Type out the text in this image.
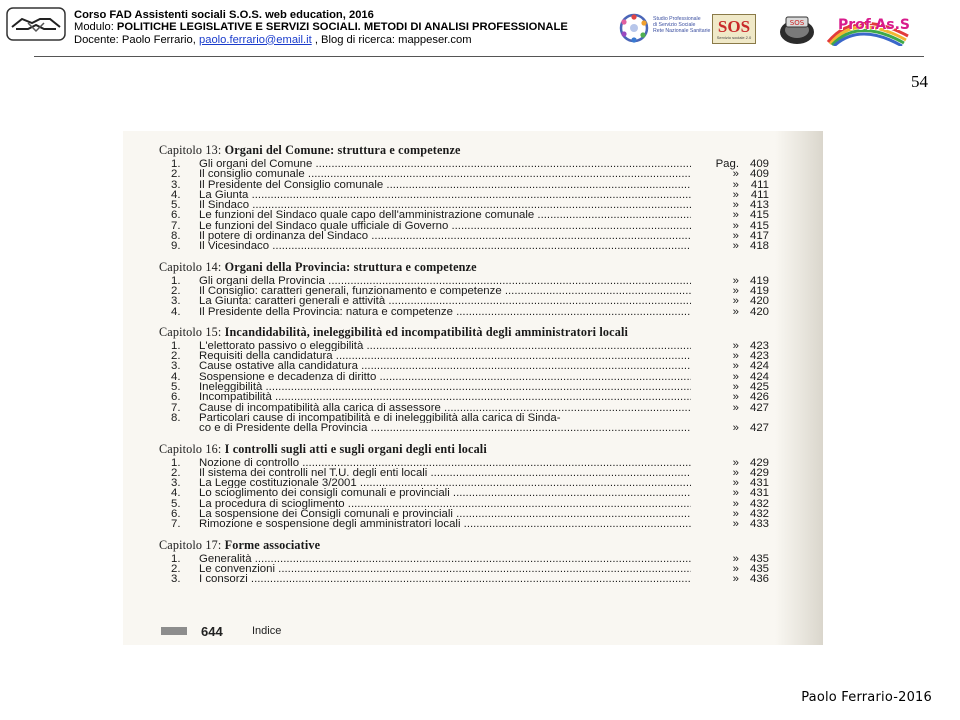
Corso FAD Assistenti sociali S.O.S. web education, 2016
Modulo: POLITICHE LEGISLATIVE E SERVIZI SOCIALI. METODI DI ANALISI PROFESSIONALE
Docente: Paolo Ferrario, paolo.ferrario@email.it , Blog di ricerca: mappeser.com
Studio Professionale
di Servizio Sociale
Rete Nazionale Sanitarie SOS
Servizio sociale 2.0
SOS Prof.As.S
54
Capitolo 13: Organi del Comune: struttura e competenze
1.	Gli organi del Comune .....	Pag. 409
2.	Il consiglio comunale .....	» 409
3.	Il Presidente del Consiglio comunale .....	»	411
4.	La Giunta .....	»	411
5.	Il Sindaco .....	» 413
6.	Le funzioni del Sindaco quale capo dell'amministrazione comunale .....	» 415
7.	Le funzioni del Sindaco quale ufficiale di Governo .....	» 415
8.	Il potere di ordinanza del Sindaco .....	» 417
9.	Il Vicesindaco .....	» 418
Capitolo 14: Organi della Provincia: struttura e competenze
1.	Gli organi della Provincia .....	» 419
2.	Il Consiglio: caratteri generali, funzionamento e competenze .....	» 419
3.	La Giunta: caratteri generali e attività .....	» 420
4.	Il Presidente della Provincia: natura e competenze .....	» 420
Capitolo 15: Incandidabilità, ineleggibilità ed incompatibilità degli amministratori locali
1.	L'elettorato passivo o eleggibilità .....	» 423
2.	Requisiti della candidatura .....	» 423
3.	Cause ostative alla candidatura .....	» 424
4.	Sospensione e decadenza di diritto .....	» 424
5.	Ineleggibilità .....	» 425
6.	Incompatibilità .....	» 426
7.	Cause di incompatibilità alla carica di assessore .....	» 427
8.	Particolari cause di incompatibilità e di ineleggibilità alla carica di Sinda-
co e di Presidente della Provincia .....	» 427
Capitolo 16: I controlli sugli atti e sugli organi degli enti locali
1.	Nozione di controllo .....	» 429
2.	Il sistema dei controlli nel T.U. degli enti locali .....	» 429
3.	La Legge costituzionale 3/2001 .....	» 431
4.	Lo scioglimento dei consigli comunali e provinciali .....	» 431
5.	La procedura di scioglimento .....	» 432
6.	La sospensione dei Consigli comunali e provinciali .....	» 432
7.	Rimozione e sospensione degli amministratori locali .....	» 433
Capitolo 17: Forme associative
1.	Generalità .....	» 435
2.	Le convenzioni .....	» 435
3.	I consorzi .....	» 436
644	Indice
Paolo Ferrario-2016
